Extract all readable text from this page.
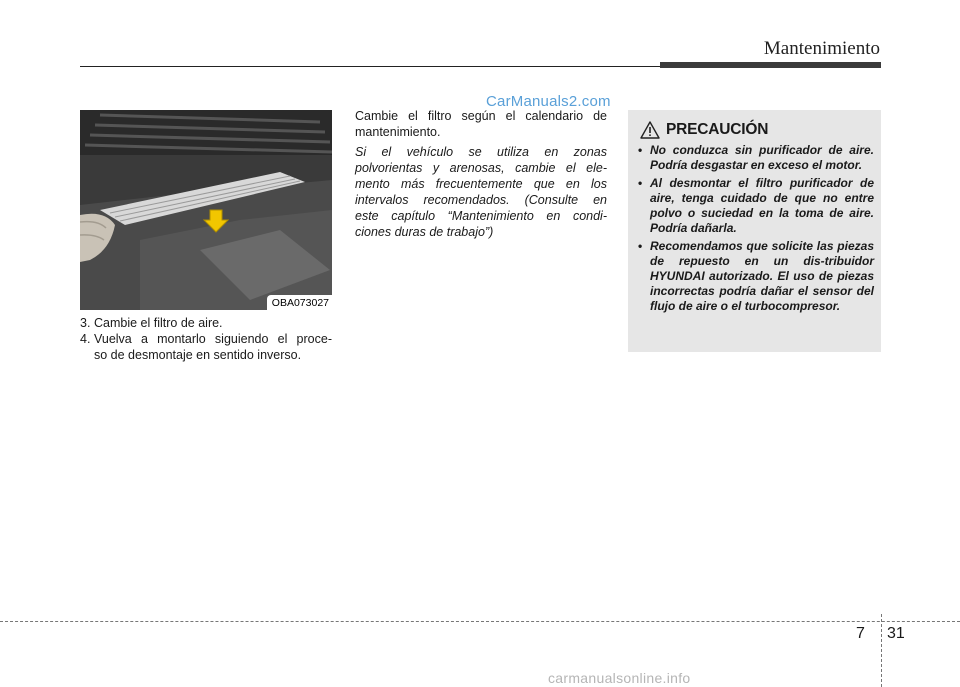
Mantenimiento
OBA073027
3. Cambie el filtro de aire.
4. Vuelva a montarlo siguiendo el proce-
so de desmontaje en sentido inverso.

Cambie el filtro según el calendario de

mantenimiento.

Si el vehículo se utiliza en zonas

polvorientas y arenosas, cambie el ele-

mento más frecuentemente que en los

intervalos recomendados. (Consulte en

este capítulo “Mantenimiento en condi-

ciones duras de trabajo”)

CarManuals2.com
PRECAUCIÓN
• No conduzca sin purificador de aire. Podría desgastar en exceso el motor.
• Al desmontar el filtro purificador de aire, tenga cuidado de que no entre polvo o suciedad en la toma de aire. Podría dañarla.
• Recomendamos que solicite las piezas de repuesto en un dis-tribuidor HYUNDAI autorizado. El uso de piezas incorrectas podría dañar el sensor del flujo de aire o el turbocompresor.
7 31
carmanualsonline.info
